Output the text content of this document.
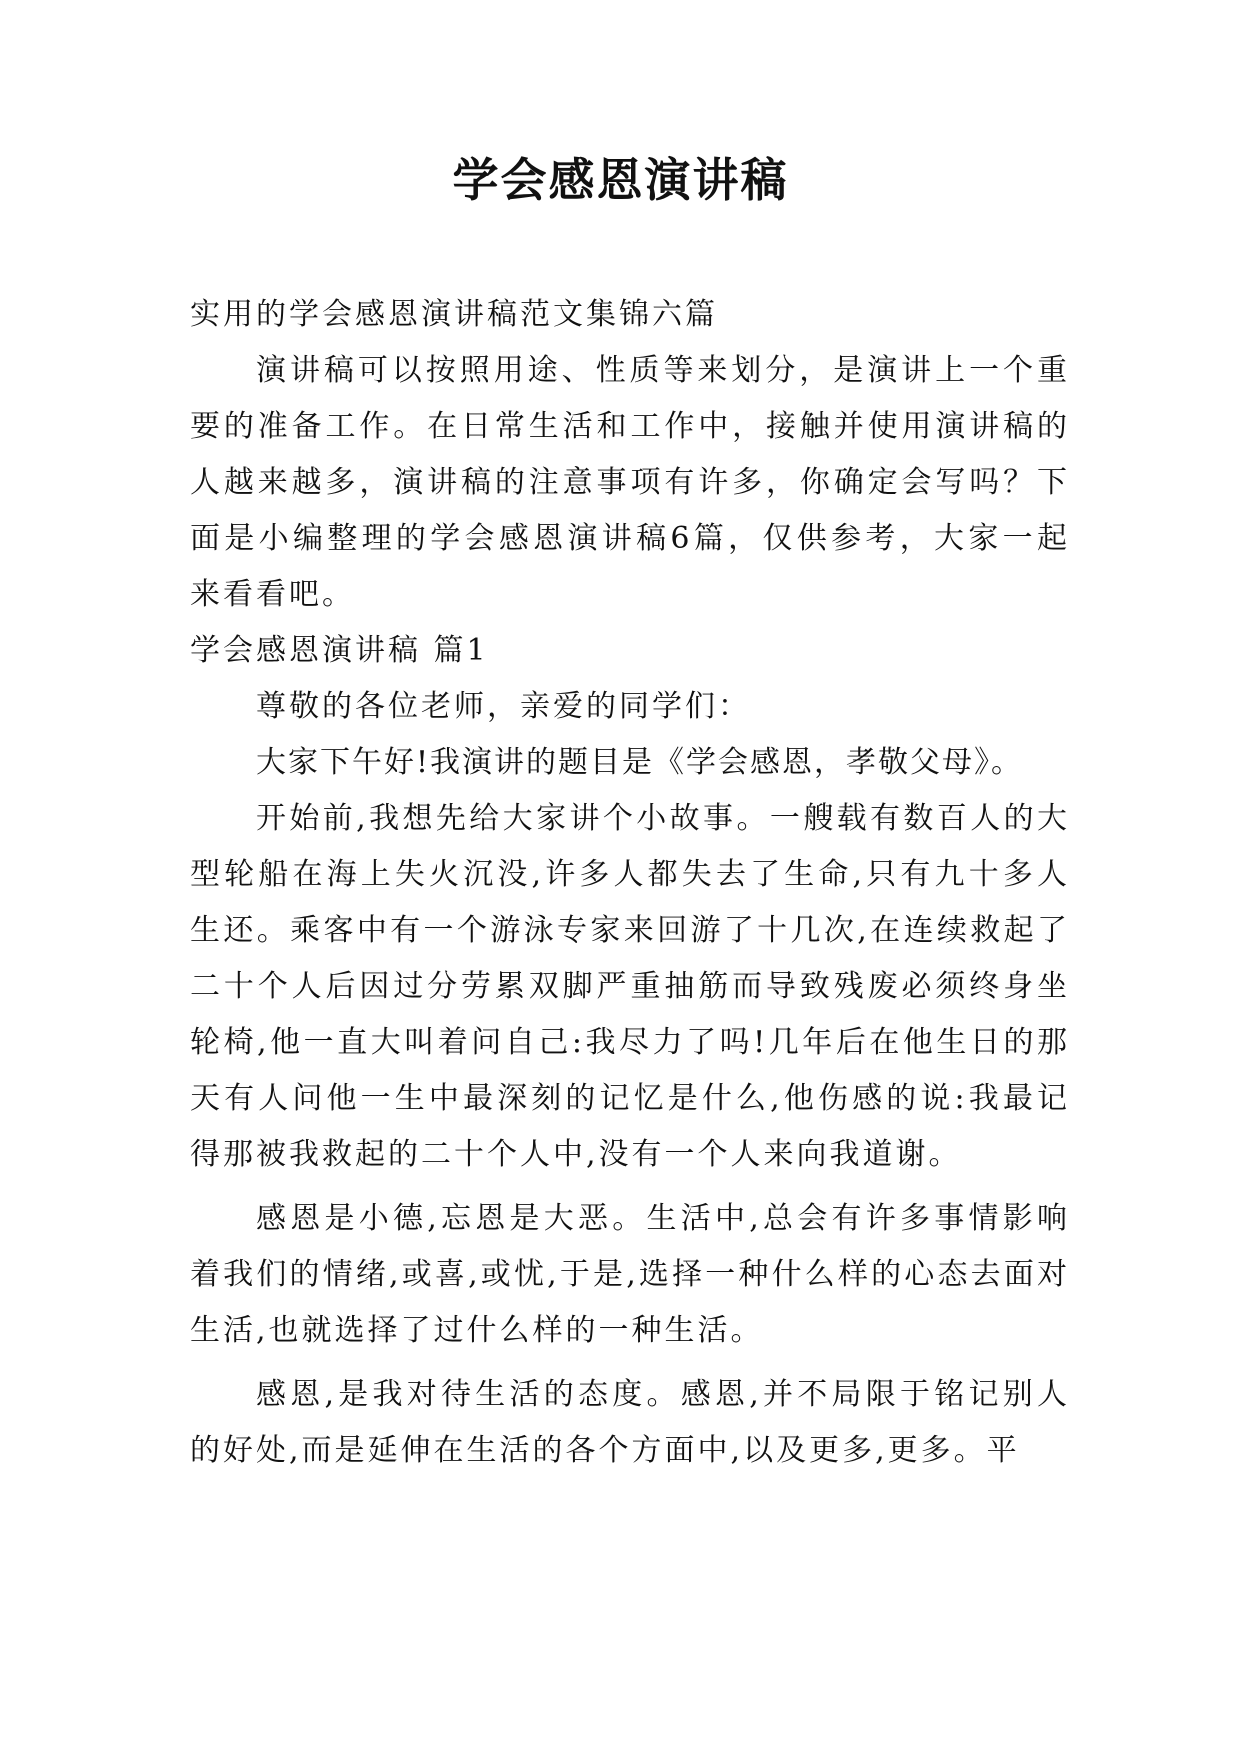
学会感恩演讲稿

实用的学会感恩演讲稿范文集锦六篇

演讲稿可以按照用途、性质等来划分，是演讲上一个重要的准备工作。在日常生活和工作中，接触并使用演讲稿的人越来越多，演讲稿的注意事项有许多，你确定会写吗？下面是小编整理的学会感恩演讲稿6篇，仅供参考，大家一起来看看吧。

学会感恩演讲稿 篇1

尊敬的各位老师，亲爱的同学们：

大家下午好!我演讲的题目是《学会感恩，孝敬父母》。

开始前,我想先给大家讲个小故事。一艘载有数百人的大型轮船在海上失火沉没,许多人都失去了生命,只有九十多人生还。乘客中有一个游泳专家来回游了十几次,在连续救起了二十个人后因过分劳累双脚严重抽筋而导致残废必须终身坐轮椅,他一直大叫着问自己:我尽力了吗!几年后在他生日的那天有人问他一生中最深刻的记忆是什么,他伤感的说:我最记得那被我救起的二十个人中,没有一个人来向我道谢。

感恩是小德,忘恩是大恶。生活中,总会有许多事情影响着我们的情绪,或喜,或忧,于是,选择一种什么样的心态去面对生活,也就选择了过什么样的一种生活。

感恩,是我对待生活的态度。感恩,并不局限于铭记别人的好处,而是延伸在生活的各个方面中,以及更多,更多。平
